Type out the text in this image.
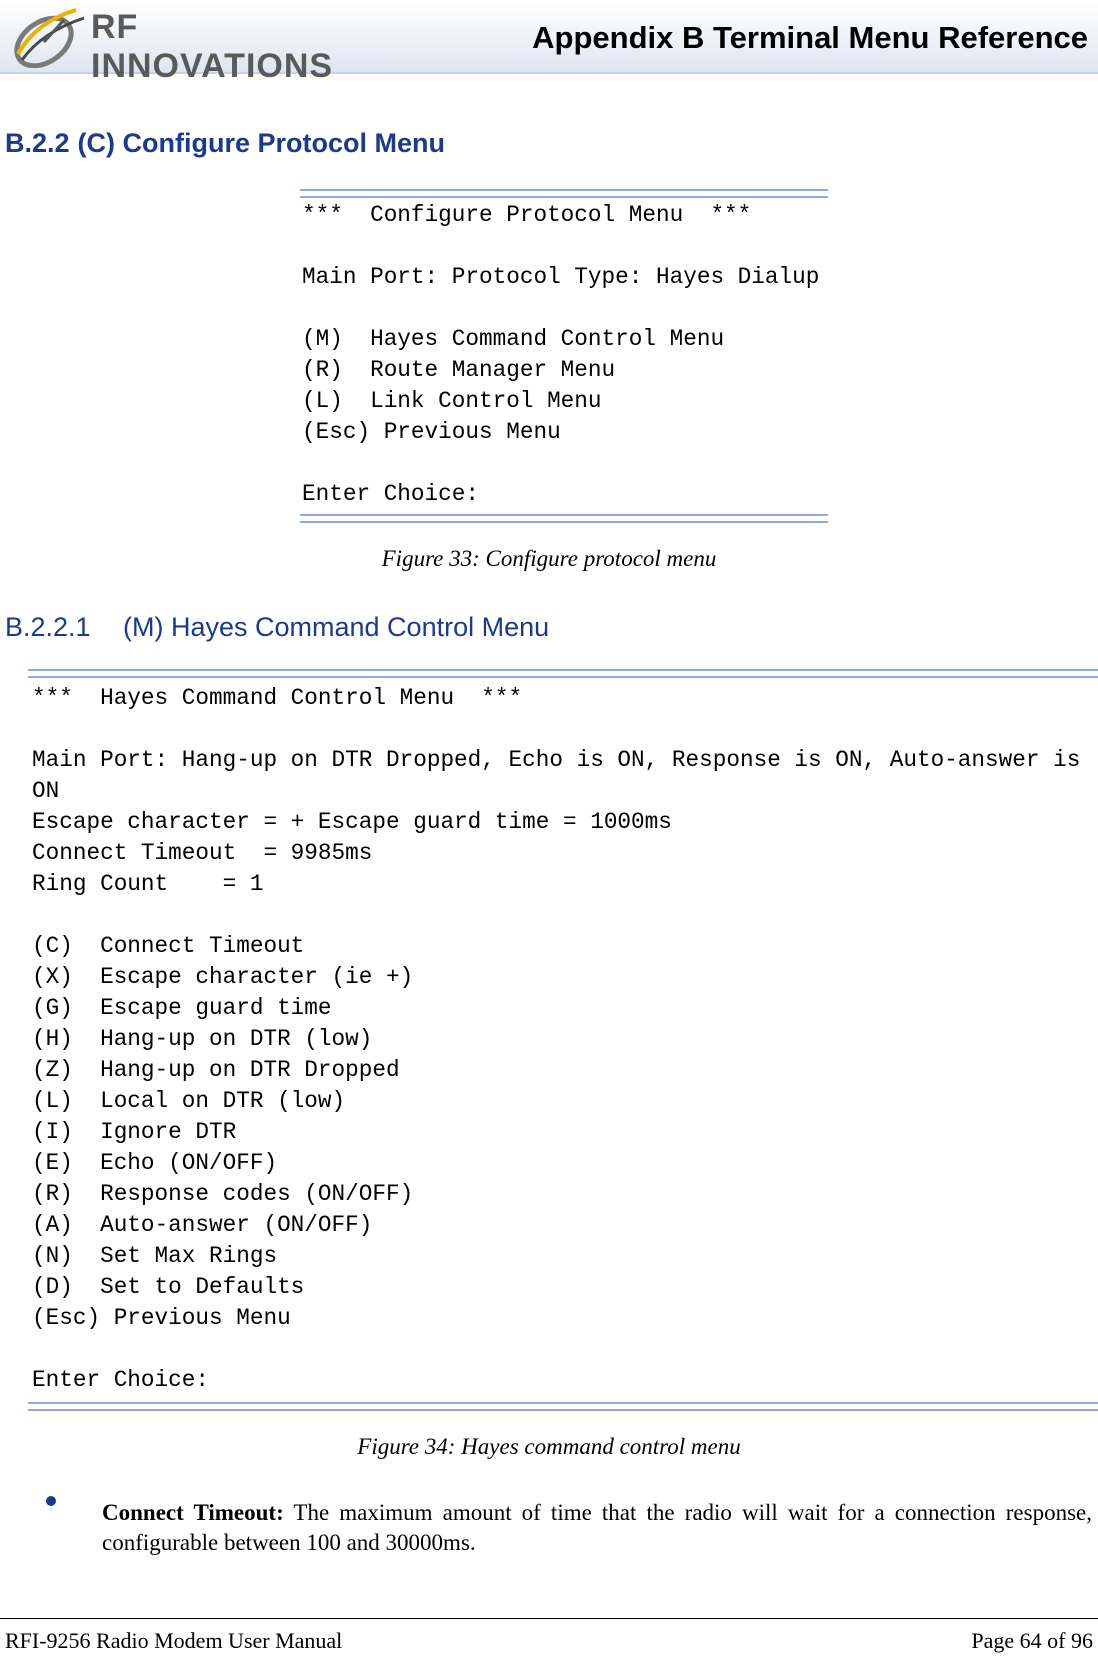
RF INNOVATIONS
Appendix B Terminal Menu Reference
B.2.2 (C) Configure Protocol Menu
***  Configure Protocol Menu  ***

Main Port: Protocol Type: Hayes Dialup

(M)  Hayes Command Control Menu
(R)  Route Manager Menu
(L)  Link Control Menu
(Esc) Previous Menu

Enter Choice:
Figure 33: Configure protocol menu
B.2.2.1 (M) Hayes Command Control Menu
***  Hayes Command Control Menu  ***

Main Port: Hang-up on DTR Dropped, Echo is ON, Response is ON, Auto-answer is
ON
Escape character = + Escape guard time = 1000ms
Connect Timeout  = 9985ms
Ring Count    = 1

(C)  Connect Timeout
(X)  Escape character (ie +)
(G)  Escape guard time
(H)  Hang-up on DTR (low)
(Z)  Hang-up on DTR Dropped
(L)  Local on DTR (low)
(I)  Ignore DTR
(E)  Echo (ON/OFF)
(R)  Response codes (ON/OFF)
(A)  Auto-answer (ON/OFF)
(N)  Set Max Rings
(D)  Set to Defaults
(Esc) Previous Menu

Enter Choice:
Figure 34: Hayes command control menu
Connect Timeout: The maximum amount of time that the radio will wait for a connection response, configurable between 100 and 30000ms.
RFI-9256 Radio Modem User Manual	Page 64 of 96
